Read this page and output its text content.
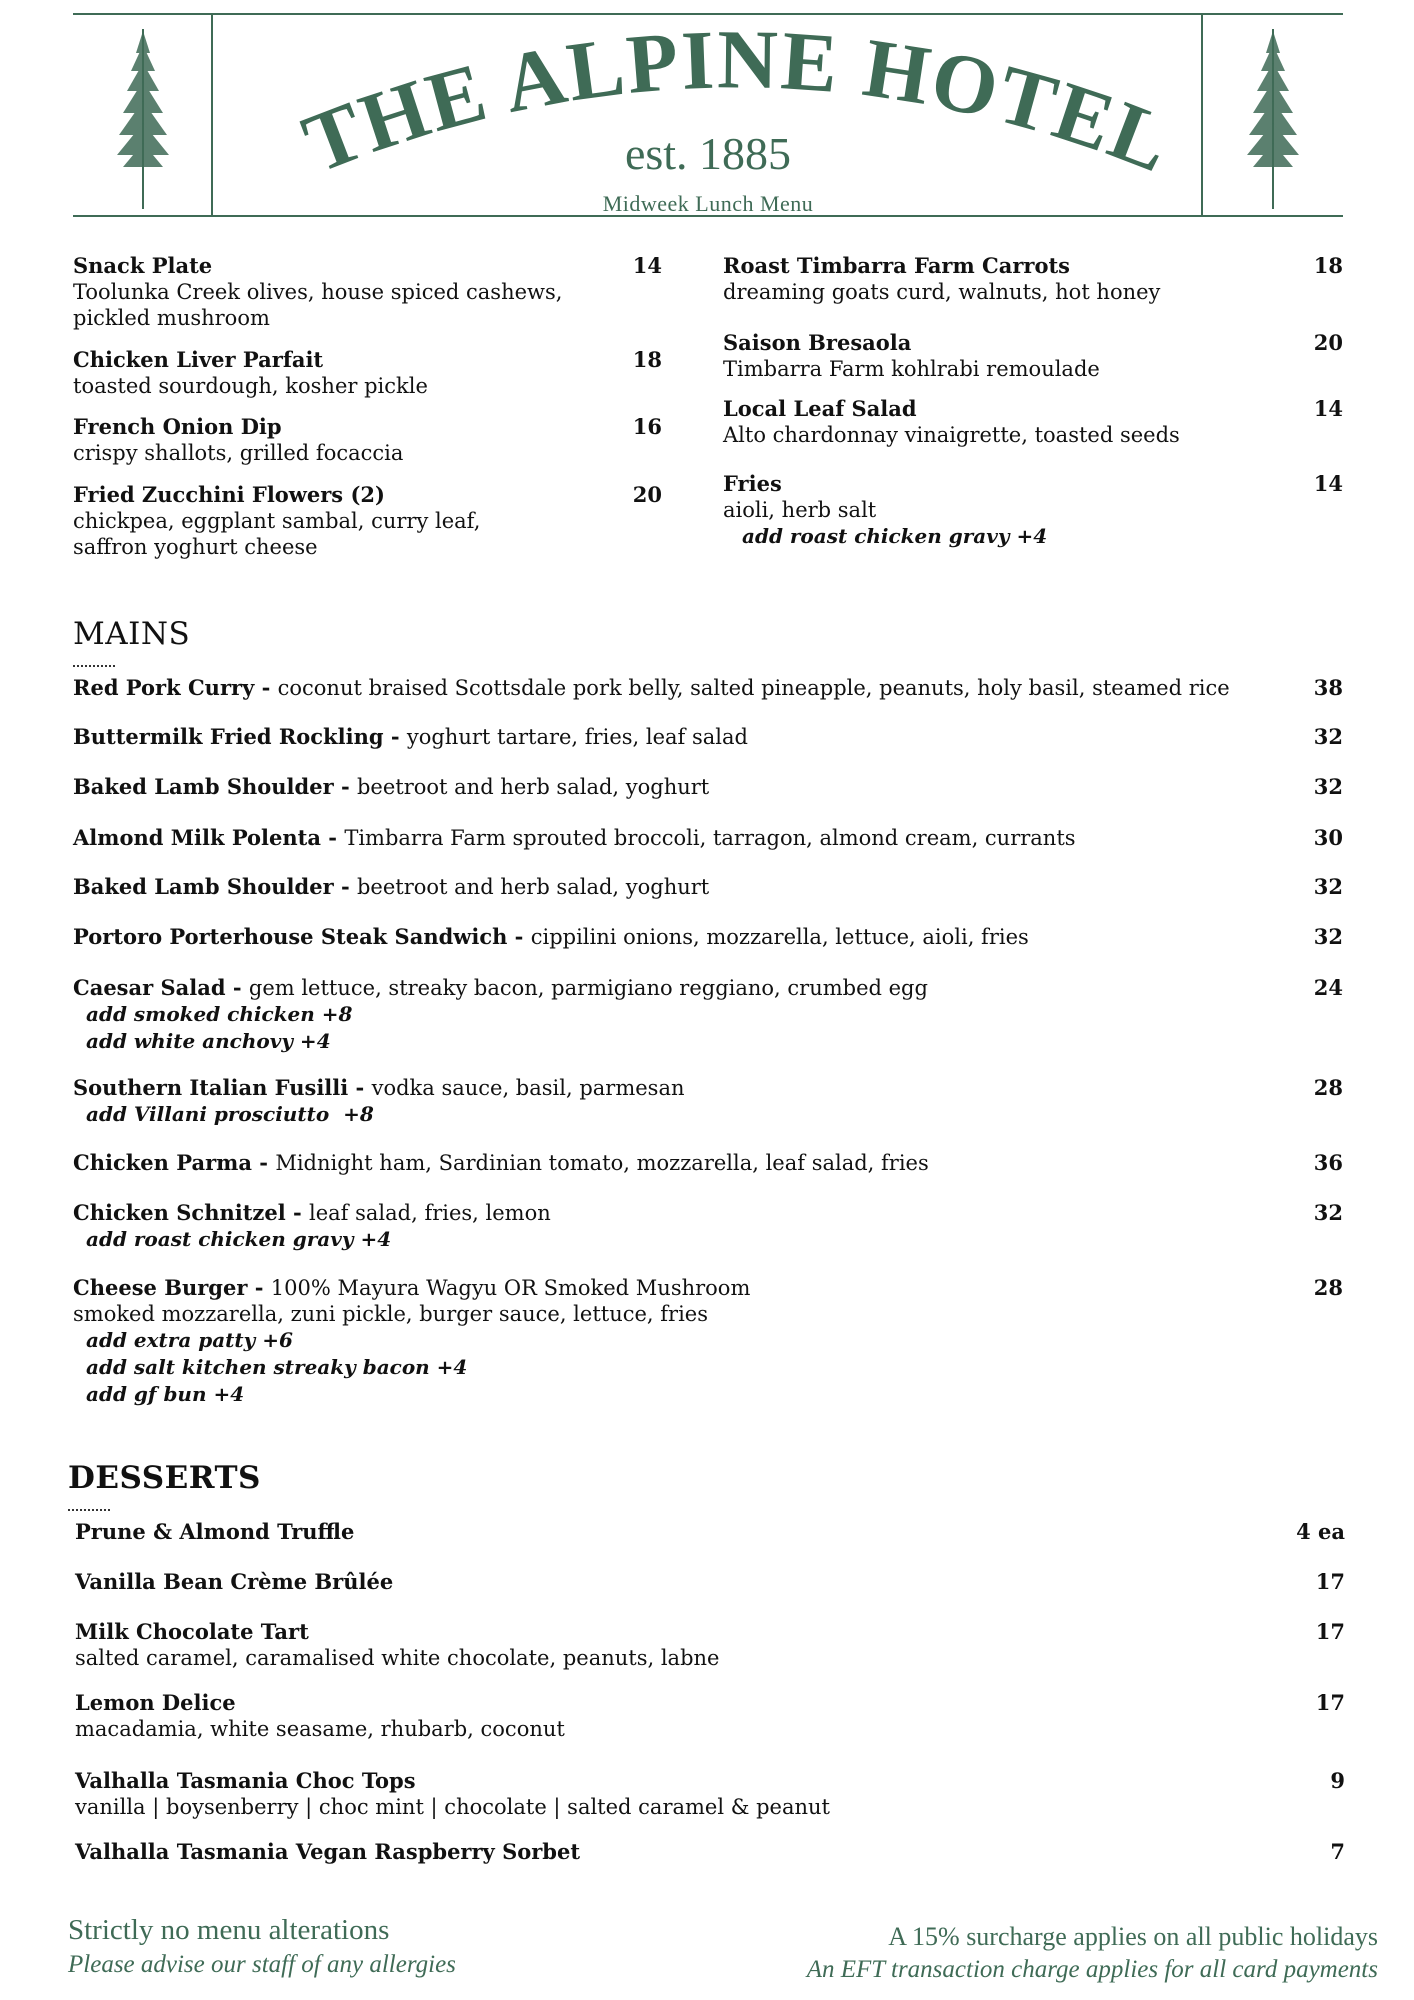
THE ALPINE HOTEL
est. 1885
Midweek Lunch Menu
Snack Plate
Toolunka Creek olives, house spiced cashews,
pickled mushroom
14
Chicken Liver Parfait
toasted sourdough, kosher pickle
18
French Onion Dip
crispy shallots, grilled focaccia
16
Fried Zucchini Flowers (2)
chickpea, eggplant sambal, curry leaf,
saffron yoghurt cheese
20
Roast Timbarra Farm Carrots
dreaming goats curd, walnuts, hot honey
18
Saison Bresaola
Timbarra Farm kohlrabi remoulade
20
Local Leaf Salad
Alto chardonnay vinaigrette, toasted seeds
14
Fries
aioli, herb salt
add roast chicken gravy +4
14
MAINS
Red Pork Curry - coconut braised Scottsdale pork belly, salted pineapple, peanuts, holy basil, steamed rice	38
Buttermilk Fried Rockling - yoghurt tartare, fries, leaf salad	32
Baked Lamb Shoulder - beetroot and herb salad, yoghurt	32
Almond Milk Polenta - Timbarra Farm sprouted broccoli, tarragon, almond cream, currants	30
Baked Lamb Shoulder - beetroot and herb salad, yoghurt	32
Portoro Porterhouse Steak Sandwich - cippilini onions, mozzarella, lettuce, aioli, fries	32
Caesar Salad - gem lettuce, streaky bacon, parmigiano reggiano, crumbed egg
add smoked chicken +8
add white anchovy +4
24
Southern Italian Fusilli - vodka sauce, basil, parmesan
add Villani prosciutto  +8
28
Chicken Parma - Midnight ham, Sardinian tomato, mozzarella, leaf salad, fries	36
Chicken Schnitzel - leaf salad, fries, lemon
add roast chicken gravy +4
32
Cheese Burger - 100% Mayura Wagyu OR Smoked Mushroom
smoked mozzarella, zuni pickle, burger sauce, lettuce, fries
add extra patty +6
add salt kitchen streaky bacon +4
add gf bun +4
28
DESSERTS
Prune & Almond Truffle	4 ea
Vanilla Bean Crème Brûlée	17
Milk Chocolate Tart
salted caramel, caramalised white chocolate, peanuts, labne
17
Lemon Delice
macadamia, white seasame, rhubarb, coconut
17
Valhalla Tasmania Choc Tops
vanilla | boysenberry | choc mint | chocolate | salted caramel & peanut
9
Valhalla Tasmania Vegan Raspberry Sorbet	7
Strictly no menu alterations
Please advise our staff of any allergies
A 15% surcharge applies on all public holidays
An EFT transaction charge applies for all card payments
